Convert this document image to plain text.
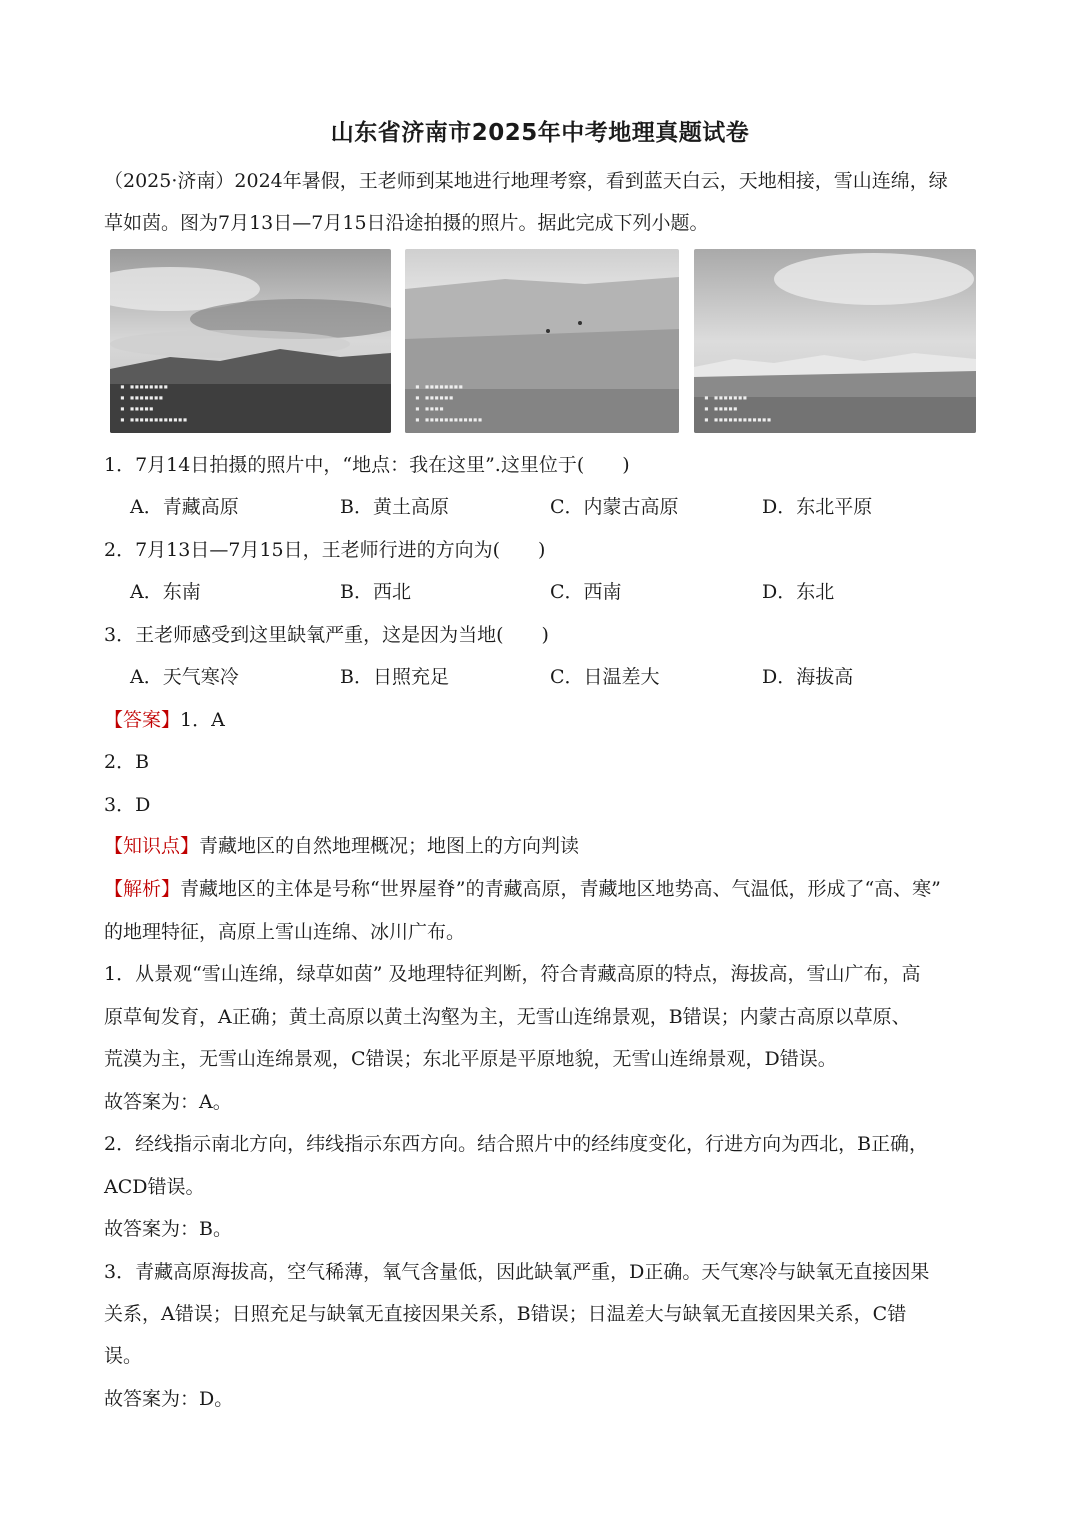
山东省济南市2025年中考地理真题试卷
（2025·济南）2024年暑假，王老师到某地进行地理考察，看到蓝天白云，天地相接，雪山连绵，绿
草如茵。图为7月13日—7月15日沿途拍摄的照片。据此完成下列小题。
▪ ▪▪▪▪▪▪▪▪
▪ ▪▪▪▪▪▪▪
▪ ▪▪▪▪▪
▪ ▪▪▪▪▪▪▪▪▪▪▪▪
▪ ▪▪▪▪▪▪▪▪
▪ ▪▪▪▪▪▪
▪ ▪▪▪▪
▪ ▪▪▪▪▪▪▪▪▪▪▪▪
▪ ▪▪▪▪▪▪▪
▪ ▪▪▪▪▪
▪ ▪▪▪▪▪▪▪▪▪▪▪▪
1．7月14日拍摄的照片中，“地点：我在这里”.这里位于(　　)
A．青藏高原	B．黄土高原	C．内蒙古高原	D．东北平原
2．7月13日—7月15日，王老师行进的方向为(　　)
A．东南	B．西北	C．西南	D．东北
3．王老师感受到这里缺氧严重，这是因为当地(　　)
A．天气寒冷	B．日照充足	C．日温差大	D．海拔高
【答案】1．A
2．B
3．D
【知识点】青藏地区的自然地理概况；地图上的方向判读
【解析】青藏地区的主体是号称“世界屋脊”的青藏高原，青藏地区地势高、气温低，形成了“高、寒”
的地理特征，高原上雪山连绵、冰川广布。
1．从景观“雪山连绵，绿草如茵” 及地理特征判断，符合青藏高原的特点，海拔高，雪山广布，高
原草甸发育，A正确；黄土高原以黄土沟壑为主，无雪山连绵景观，B错误；内蒙古高原以草原、
荒漠为主，无雪山连绵景观，C错误；东北平原是平原地貌，无雪山连绵景观，D错误。
故答案为：A。
2．经线指示南北方向，纬线指示东西方向。结合照片中的经纬度变化，行进方向为西北，B正确，
ACD错误。
故答案为：B。
3．青藏高原海拔高，空气稀薄，氧气含量低，因此缺氧严重，D正确。天气寒冷与缺氧无直接因果
关系，A错误；日照充足与缺氧无直接因果关系，B错误；日温差大与缺氧无直接因果关系，C错
误。
故答案为：D。
